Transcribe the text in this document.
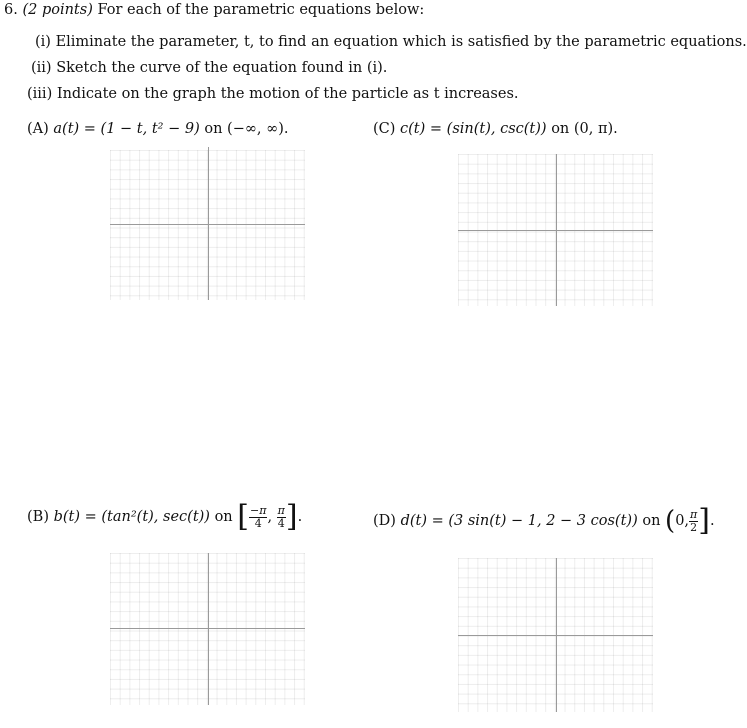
6. (2 points) For each of the parametric equations below:
(i) Eliminate the parameter, t, to find an equation which is satisfied by the parametric equations.
(ii) Sketch the curve of the equation found in (i).
(iii) Indicate on the graph the motion of the particle as t increases.
(A) a(t) = (1 − t, t² − 9) on (−∞, ∞).	(C) c(t) = (sin(t), csc(t)) on (0, π).
(B) b(t) = (tan²(t), sec(t)) on [ $\frac{-\pi}{4}$ , $\frac{\pi}{4}$ ].	(D) d(t) = (3 sin(t) − 1, 2 − 3 cos(t)) on (0, $\frac{\pi}{2}$ ].
